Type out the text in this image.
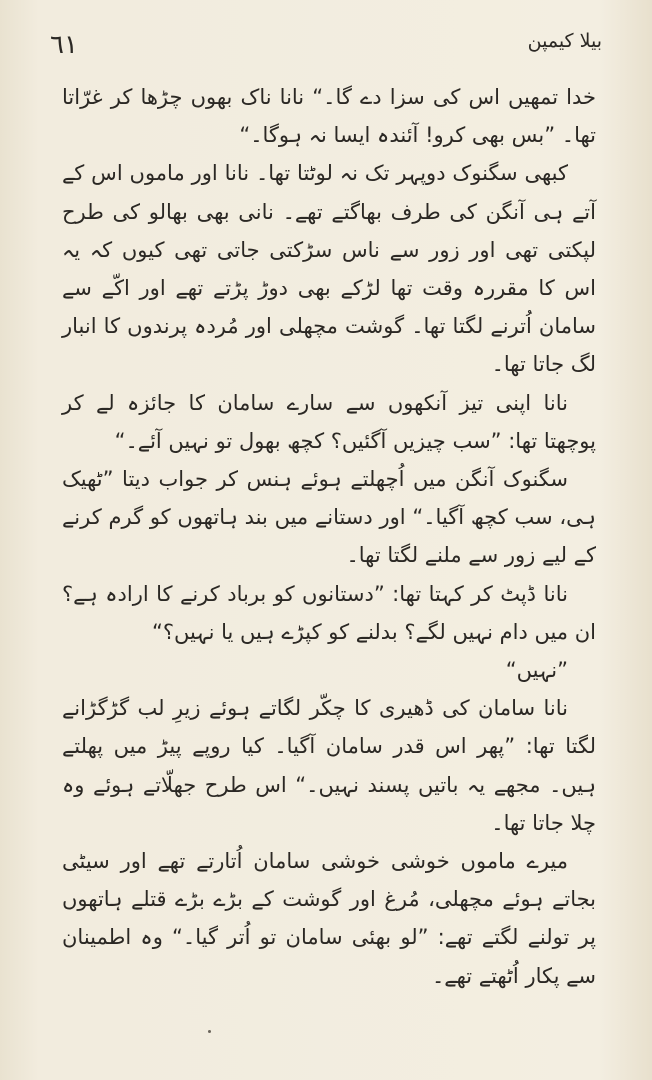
٦١	بیلا کیمپن

خدا تمھیں اس کی سزا دے گا۔“ نانا ناک بھوں چڑھا کر غرّاتا تھا۔ ”بس بھی کرو! آئندہ ایسا نہ ہوگا۔“

کبھی سگنوک دوپہر تک نہ لوٹتا تھا۔ نانا اور ماموں اس کے آتے ہی آنگن کی طرف بھاگتے تھے۔ نانی بھی بھالو کی طرح لپکتی تھی اور زور سے ناس سڑکتی جاتی تھی کیوں کہ یہ اس کا مقررہ وقت تھا لڑکے بھی دوڑ پڑتے تھے اور اکّے سے سامان اُترنے لگتا تھا۔ گوشت مچھلی اور مُردہ پرندوں کا انبار لگ جاتا تھا۔

نانا اپنی تیز آنکھوں سے سارے سامان کا جائزہ لے کر پوچھتا تھا: ”سب چیزیں آگئیں؟ کچھ بھول تو نہیں آئے۔“

سگنوک آنگن میں اُچھلتے ہوئے ہنس کر جواب دیتا ”ٹھیک ہی، سب کچھ آگیا۔“ اور دستانے میں بند ہاتھوں کو گرم کرنے کے لیے زور سے ملنے لگتا تھا۔

نانا ڈپٹ کر کہتا تھا: ”دستانوں کو برباد کرنے کا ارادہ ہے؟ ان میں دام نہیں لگے؟ بدلنے کو کپڑے ہیں یا نہیں؟“

”نہیں“

نانا سامان کی ڈھیری کا چکّر لگاتے ہوئے زیرِ لب گڑگڑانے لگتا تھا: ”پھر اس قدر سامان آگیا۔ کیا روپے پیڑ میں پھلتے ہیں۔ مجھے یہ باتیں پسند نہیں۔“ اس طرح جھلّاتے ہوئے وہ چلا جاتا تھا۔

میرے ماموں خوشی خوشی سامان اُتارتے تھے اور سیٹی بجاتے ہوئے مچھلی، مُرغ اور گوشت کے بڑے بڑے قتلے ہاتھوں پر تولنے لگتے تھے: ”لو بھئی سامان تو اُتر گیا۔“ وہ اطمینان سے پکار اُٹھتے تھے۔
